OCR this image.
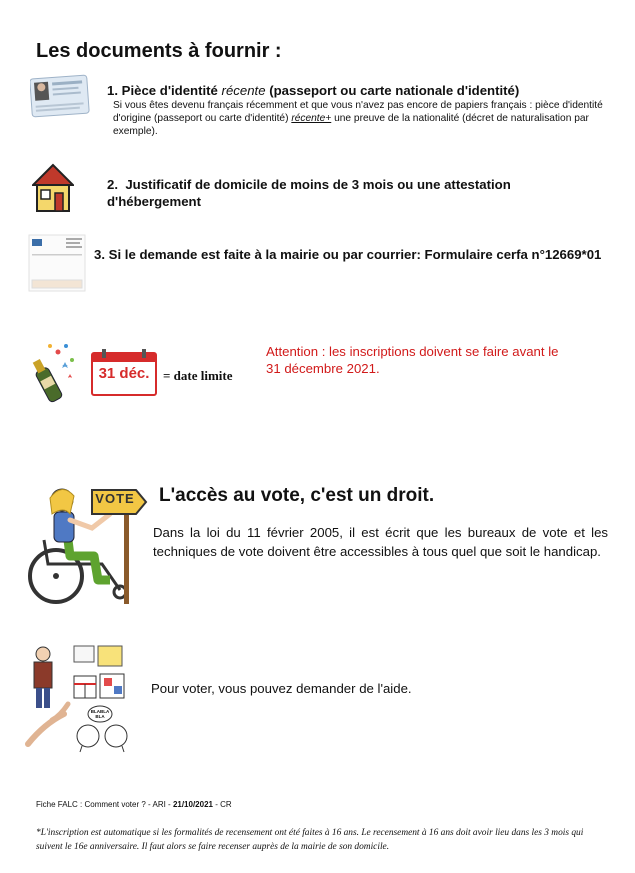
Les documents à fournir :
1. Pièce d'identité récente (passeport ou carte nationale d'identité)
Si vous êtes devenu français récemment et que vous n'avez pas encore de papiers français : pièce d'identité d'origine (passeport ou carte d'identité) récente+ une preuve de la nationalité (décret de naturalisation par exemple).
2. Justificatif de domicile de moins de 3 mois ou une attestation d'hébergement
3. Si le demande est faite à la mairie ou par courrier: Formulaire cerfa n°12669*01
31 déc.	= date limite
Attention : les inscriptions doivent se faire avant le 31 décembre 2021.
VOTE L'accès au vote, c'est un droit.
Dans la loi du 11 février 2005, il est écrit que les bureaux de vote et les techniques de vote doivent être accessibles à tous quel que soit le handicap.
BLABLA BLA
Pour voter, vous pouvez demander de l'aide.
Fiche FALC : Comment voter ? - ARI - 21/10/2021 - CR
*L'inscription est automatique si les formalités de recensement ont été faites à 16 ans. Le recensement à 16 ans doit avoir lieu dans les 3 mois qui suivent le 16e anniversaire. Il faut alors se faire recenser auprès de la mairie de son domicile.
